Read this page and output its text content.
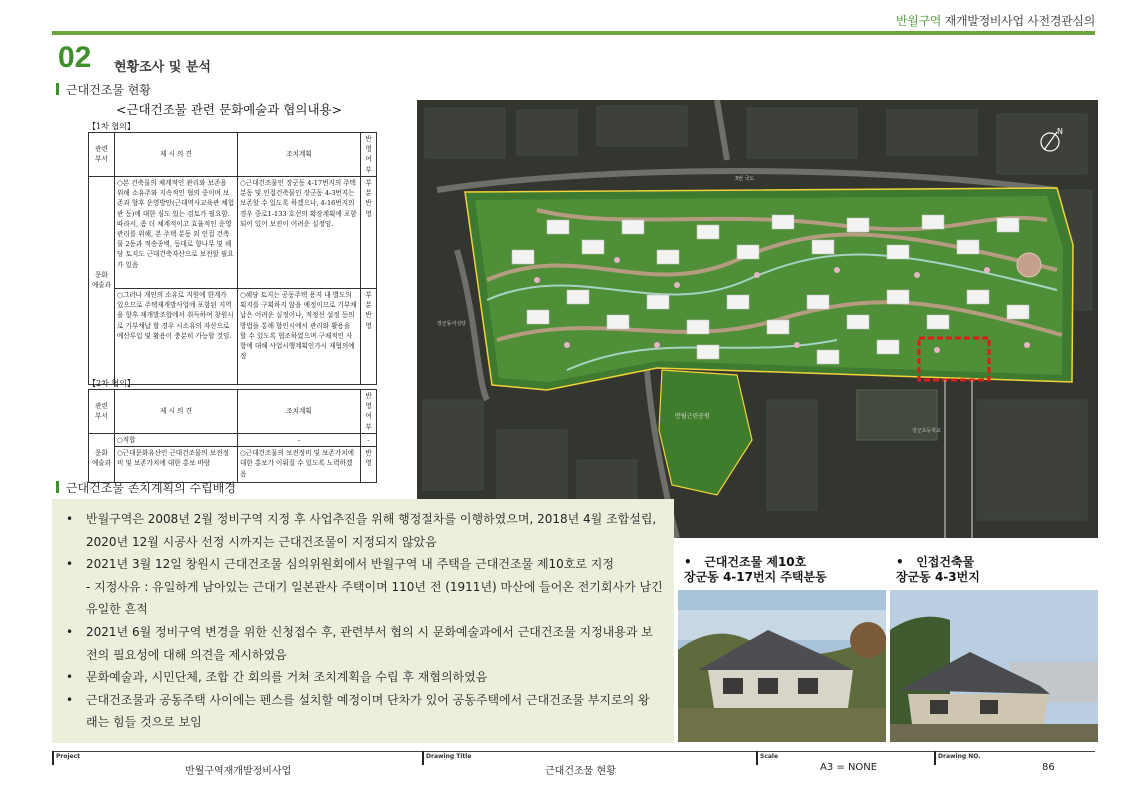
반월구역 재개발정비사업 사전경관심의
02 현황조사 및 분석
근대건조물 현황
<근대건조물 관련 문화예술과 협의내용>
【1차 협의】
관련 부서	제 시 의 견	조치계획	반영 여부
문화 예술과	○본 건축물의 체계적인 관리와 보존을 위해 소유주와 지속적인 협의 중이며 보존과 향후 운영방안(근대역사교육관 체험관 등)에 대한 심도 있는 검토가 필요함. 따라서, 좀 더 체계적이고 효율적인 운영관리를 위해, 본 주택 분동 외 인접 건축물 2동과 적송종벽, 등대로 향나무 및 해당 토지도 근대건축자산으로 보전할 필요가 있음	○근대건조물인 장군동 4-17번지의 주택분동 및 인접건축물인 장군동 4-3번지는 보존할 수 있도록 하겠으나, 4-16번지의 경우 중로1-133 호선의 확장계획에 포함되어 있어 보전이 어려운 실정임.	부분 반영
	○그러나 개인의 소유로 지원에 한계가 있으므로 주택재개발사업에 포함된 지역을 향후 재개발조합에서 취득하여 창원시로 기부채납 할 경우 시소유의 자산으로 예산투입 및 활용이 충분히 가능할 것임.	○해당 토지는 공동주택 용지 내 별도의 획지를 구획하지 않을 예정이므로 기부채납은 어려운 실정이나, 적정선 설정 등의 방법을 통해 향인시에서 관리와 활용을 할 수 있도록 협조하였으며 구체적인 사항에 대해 사업시행계획인가시 재협의예정	부분 반영
【2차 협의】
관련 부서	제 시 의 견	조치계획	반영 여부
문화 예술과	○적합	-	-
	○근대문화유산인 근대건조물의 보전정비 및 보존가치에 대한 홍보 바람	○근대건조물의 보전정비 및 보존가치에 대한 홍보가 이뤄질 수 있도록 노력하겠음	반영
반월근린공원
장군초등학교
3번 국도
장군동서성당
N
근대건조물 존치계획의 수립배경
• 반월구역은 2008년 2월 정비구역 지정 후 사업추진을 위해 행정절차를 이행하였으며, 2018년 4월 조합설립,
2020년 12월 시공사 선정 시까지는 근대건조물이 지정되지 않았음
• 2021년 3월 12일 창원시 근대건조물 심의위원회에서 반월구역 내 주택을 근대건조물 제10호로 지정
- 지정사유 : 유일하게 남아있는 근대기 일본관사 주택이며 110년 전 (1911년) 마산에 들어온 전기회사가 남긴
유일한 흔적
• 2021년 6월 정비구역 변경을 위한 신청접수 후, 관련부서 협의 시 문화예술과에서 근대건조물 지정내용과 보
전의 필요성에 대해 의견을 제시하였음
• 문화예술과, 시민단체, 조합 간 회의를 거쳐 조치계획을 수립 후 재협의하였음
• 근대건조물과 공동주택 사이에는 펜스를 설치할 예정이며 단차가 있어 공동주택에서 근대건조물 부지로의 왕
래는 힘들 것으로 보임
• 근대건조물 제10호
장군동 4-17번지 주택분동
• 인접건축물
장군동 4-3번지
Project
반월구역재개발정비사업
Drawing Title
근대건조물 현황
Scale
A3 = NONE
Drawing NO.
86
